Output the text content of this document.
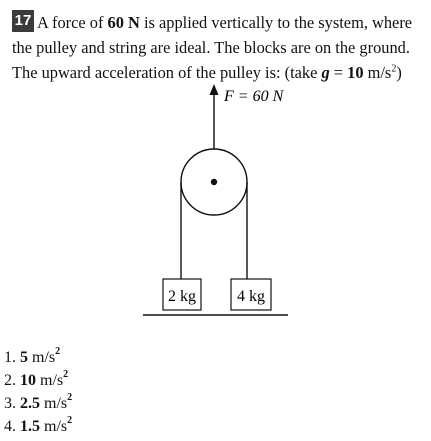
17 A force of 60 N is applied vertically to the system, where
the pulley and string are ideal. The blocks are on the ground.
The upward acceleration of the pulley is: (take g = 10 $m/s^2$)
F = 60 N
2 kg	4 kg
1. 5 $m/s^2$
2. 10 $m/s^2$
3. 2.5 $m/s^2$
4. 1.5 $m/s^2$
